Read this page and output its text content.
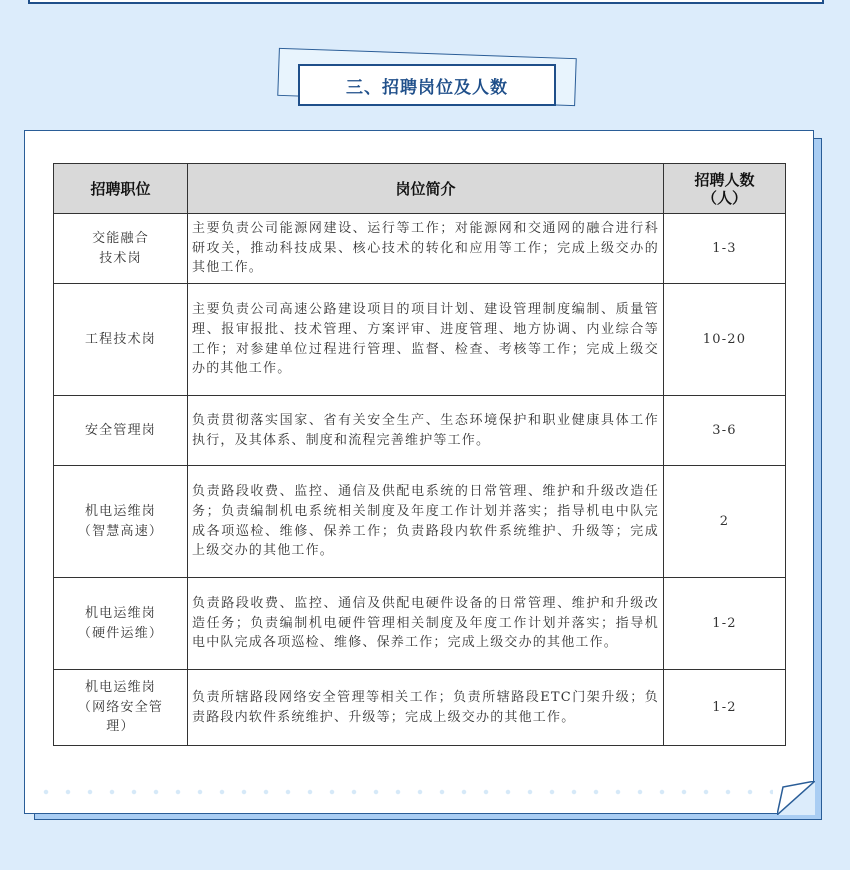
三、招聘岗位及人数
招聘职位	岗位简介	招聘人数
（人）
交能融合
技术岗	主要负责公司能源网建设、运行等工作；对能源网和交通网的融合进行科研攻关，推动科技成果、核心技术的转化和应用等工作；完成上级交办的其他工作。	1-3
工程技术岗	主要负责公司高速公路建设项目的项目计划、建设管理制度编制、质量管理、报审报批、技术管理、方案评审、进度管理、地方协调、内业综合等工作；对参建单位过程进行管理、监督、检查、考核等工作；完成上级交办的其他工作。	10-20
安全管理岗	负责贯彻落实国家、省有关安全生产、生态环境保护和职业健康具体工作执行，及其体系、制度和流程完善维护等工作。	3-6
机电运维岗
（智慧高速）	负责路段收费、监控、通信及供配电系统的日常管理、维护和升级改造任务；负责编制机电系统相关制度及年度工作计划并落实；指导机电中队完成各项巡检、维修、保养工作；负责路段内软件系统维护、升级等；完成上级交办的其他工作。	2
机电运维岗
（硬件运维）	负责路段收费、监控、通信及供配电硬件设备的日常管理、维护和升级改造任务；负责编制机电硬件管理相关制度及年度工作计划并落实；指导机电中队完成各项巡检、维修、保养工作；完成上级交办的其他工作。	1-2
机电运维岗
（网络安全管
理）	负责所辖路段网络安全管理等相关工作；负责所辖路段ETC门架升级；负责路段内软件系统维护、升级等；完成上级交办的其他工作。	1-2
